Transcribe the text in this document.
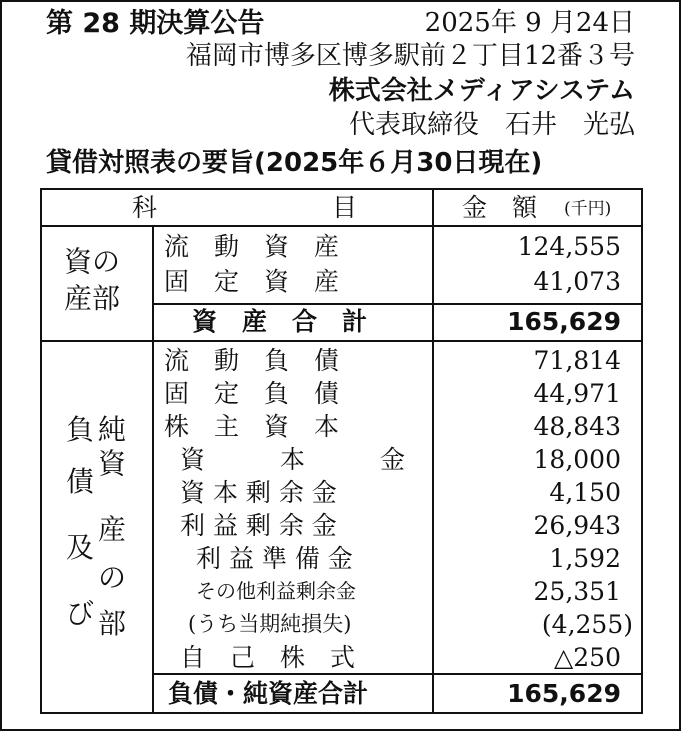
第 28 期決算公告	2025年 9 月24日
福岡市博多区博多駅前２丁目12番３号
株式会社メディアシステム
代表取締役　石井　光弘
貸借対照表の要旨(2025年６月30日現在)
科　　　　　　　目	金　額 (千円)
資の
産部
流　動　資　産	124,555
固　定　資　産	41,073
資　産　合　計	165,629
負
債
及
び
純
資
産
の
部
流　動　負　債	71,814
固　定　負　債	44,971
株　主　資　本	48,843
資　　　本　　　金	18,000
資 本 剰 余 金	4,150
利 益 剰 余 金	26,943
利 益 準 備 金	1,592
その他利益剰余金	25,351
(うち当期純損失)	(4,255)
自　己　株　式	△250
負債・純資産合計	165,629
